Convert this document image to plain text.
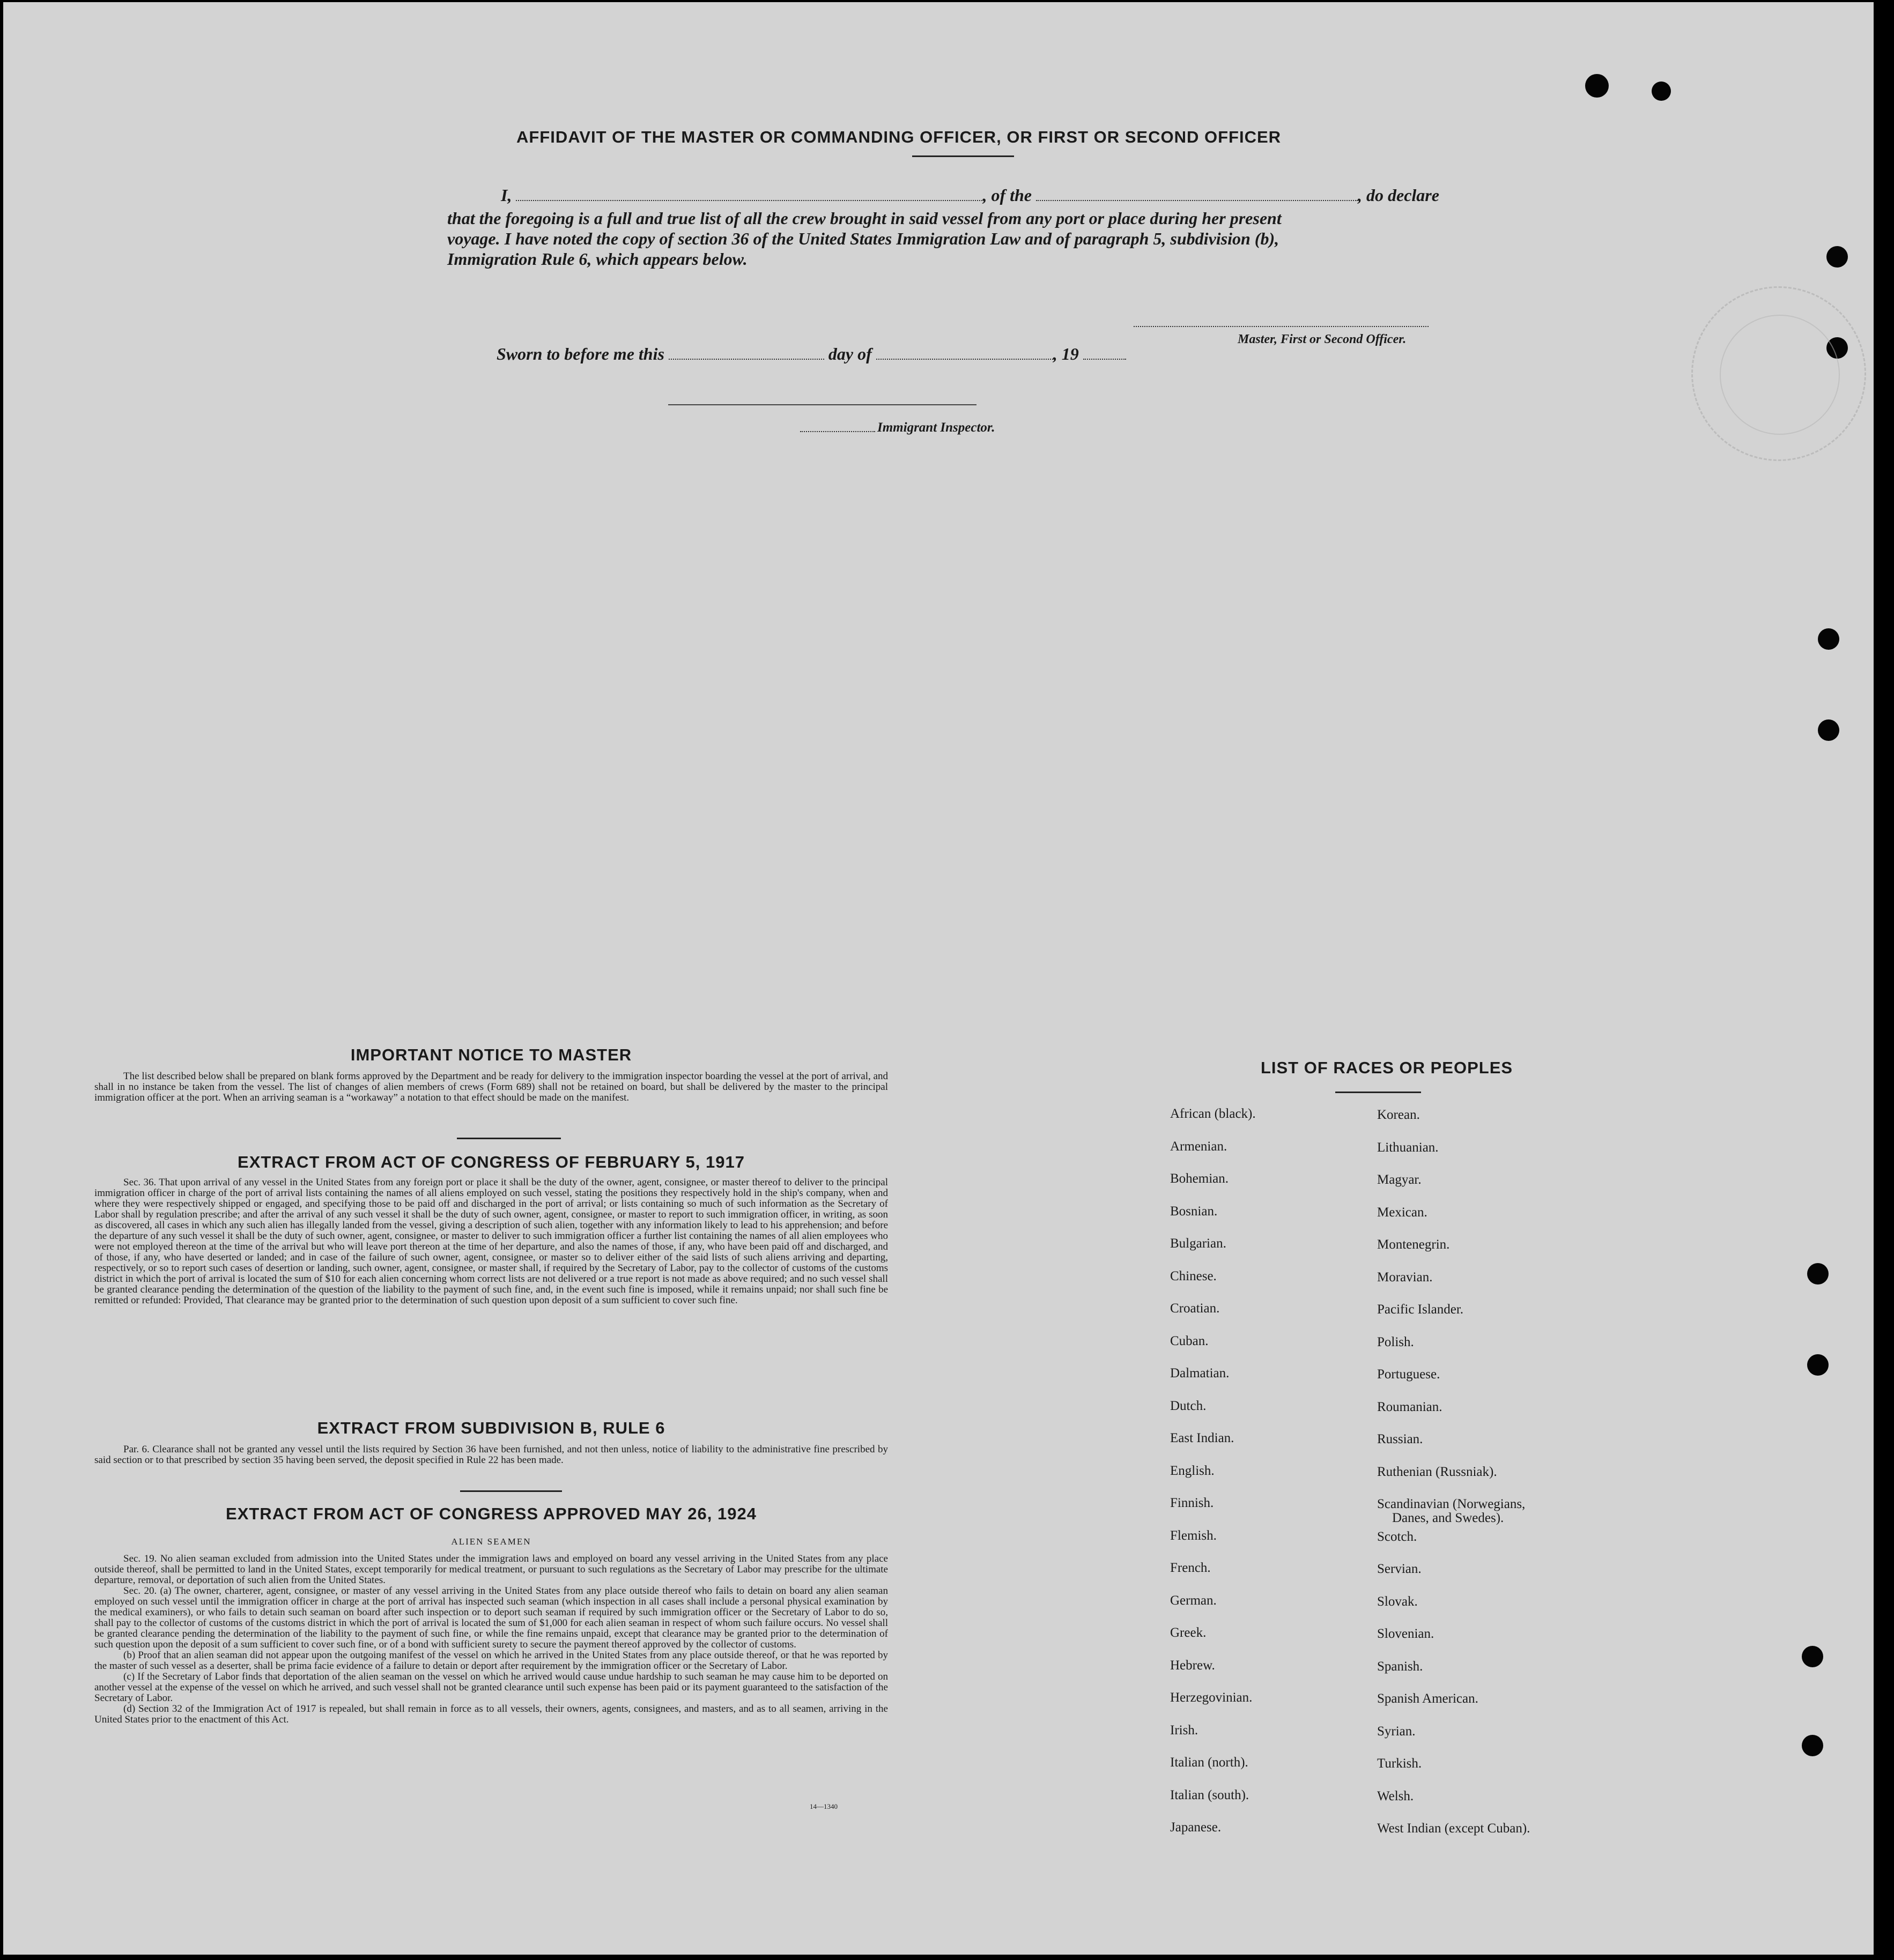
AFFIDAVIT OF THE MASTER OR COMMANDING OFFICER, OR FIRST OR SECOND OFFICER
I,	, of the	, do declare
that the foregoing is a full and true list of all the crew brought in said vessel from any port or place during her present
voyage. I have noted the copy of section 36 of the United States Immigration Law and of paragraph 5, subdivision (b),
Immigration Rule 6, which appears below.
Master, First or Second Officer.
Sworn to before me this	day of	, 19
Immigrant Inspector.
IMPORTANT NOTICE TO MASTER
The list described below shall be prepared on blank forms approved by the Department and be ready for delivery to the immigration inspector boarding the vessel at the port of arrival, and shall in no instance be taken from the vessel. The list of changes of alien members of crews (Form 689) shall not be retained on board, but shall be delivered by the master to the principal immigration officer at the port. When an arriving seaman is a “workaway” a notation to that effect should be made on the manifest.
EXTRACT FROM ACT OF CONGRESS OF FEBRUARY 5, 1917
Sec. 36. That upon arrival of any vessel in the United States from any foreign port or place it shall be the duty of the owner, agent, consignee, or master thereof to deliver to the principal immigration officer in charge of the port of arrival lists containing the names of all aliens employed on such vessel, stating the positions they respectively hold in the ship's company, when and where they were respectively shipped or engaged, and specifying those to be paid off and discharged in the port of arrival; or lists containing so much of such information as the Secretary of Labor shall by regulation prescribe; and after the arrival of any such vessel it shall be the duty of such owner, agent, consignee, or master to report to such immigration officer, in writing, as soon as discovered, all cases in which any such alien has illegally landed from the vessel, giving a description of such alien, together with any information likely to lead to his apprehension; and before the departure of any such vessel it shall be the duty of such owner, agent, consignee, or master to deliver to such immigration officer a further list containing the names of all alien employees who were not employed thereon at the time of the arrival but who will leave port thereon at the time of her departure, and also the names of those, if any, who have been paid off and discharged, and of those, if any, who have deserted or landed; and in case of the failure of such owner, agent, consignee, or master so to deliver either of the said lists of such aliens arriving and departing, respectively, or so to report such cases of desertion or landing, such owner, agent, consignee, or master shall, if required by the Secretary of Labor, pay to the collector of customs of the customs district in which the port of arrival is located the sum of $10 for each alien concerning whom correct lists are not delivered or a true report is not made as above required; and no such vessel shall be granted clearance pending the determination of the question of the liability to the payment of such fine, and, in the event such fine is imposed, while it remains unpaid; nor shall such fine be remitted or refunded: Provided, That clearance may be granted prior to the determination of such question upon deposit of a sum sufficient to cover such fine.
EXTRACT FROM SUBDIVISION B, RULE 6
Par. 6. Clearance shall not be granted any vessel until the lists required by Section 36 have been furnished, and not then unless, notice of liability to the administrative fine prescribed by said section or to that prescribed by section 35 having been served, the deposit specified in Rule 22 has been made.
EXTRACT FROM ACT OF CONGRESS APPROVED MAY 26, 1924
ALIEN SEAMEN
Sec. 19. No alien seaman excluded from admission into the United States under the immigration laws and employed on board any vessel arriving in the United States from any place outside thereof, shall be permitted to land in the United States, except temporarily for medical treatment, or pursuant to such regulations as the Secretary of Labor may prescribe for the ultimate departure, removal, or deportation of such alien from the United States.
Sec. 20. (a) The owner, charterer, agent, consignee, or master of any vessel arriving in the United States from any place outside thereof who fails to detain on board any alien seaman employed on such vessel until the immigration officer in charge at the port of arrival has inspected such seaman (which inspection in all cases shall include a personal physical examination by the medical examiners), or who fails to detain such seaman on board after such inspection or to deport such seaman if required by such immigration officer or the Secretary of Labor to do so, shall pay to the collector of customs of the customs district in which the port of arrival is located the sum of $1,000 for each alien seaman in respect of whom such failure occurs. No vessel shall be granted clearance pending the determination of the liability to the payment of such fine, or while the fine remains unpaid, except that clearance may be granted prior to the determination of such question upon the deposit of a sum sufficient to cover such fine, or of a bond with sufficient surety to secure the payment thereof approved by the collector of customs.
(b) Proof that an alien seaman did not appear upon the outgoing manifest of the vessel on which he arrived in the United States from any place outside thereof, or that he was reported by the master of such vessel as a deserter, shall be prima facie evidence of a failure to detain or deport after requirement by the immigration officer or the Secretary of Labor.
(c) If the Secretary of Labor finds that deportation of the alien seaman on the vessel on which he arrived would cause undue hardship to such seaman he may cause him to be deported on another vessel at the expense of the vessel on which he arrived, and such vessel shall not be granted clearance until such expense has been paid or its payment guaranteed to the satisfaction of the Secretary of Labor.
(d) Section 32 of the Immigration Act of 1917 is repealed, but shall remain in force as to all vessels, their owners, agents, consignees, and masters, and as to all seamen, arriving in the United States prior to the enactment of this Act.
14—1340
LIST OF RACES OR PEOPLES
African (black).
Armenian.
Bohemian.
Bosnian.
Bulgarian.
Chinese.
Croatian.
Cuban.
Dalmatian.
Dutch.
East Indian.
English.
Finnish.
Flemish.
French.
German.
Greek.
Hebrew.
Herzegovinian.
Irish.
Italian (north).
Italian (south).
Japanese.
Korean.
Lithuanian.
Magyar.
Mexican.
Montenegrin.
Moravian.
Pacific Islander.
Polish.
Portuguese.
Roumanian.
Russian.
Ruthenian (Russniak).
Scandinavian (Norwegians,
Danes, and Swedes).
Scotch.
Servian.
Slovak.
Slovenian.
Spanish.
Spanish American.
Syrian.
Turkish.
Welsh.
West Indian (except Cuban).
